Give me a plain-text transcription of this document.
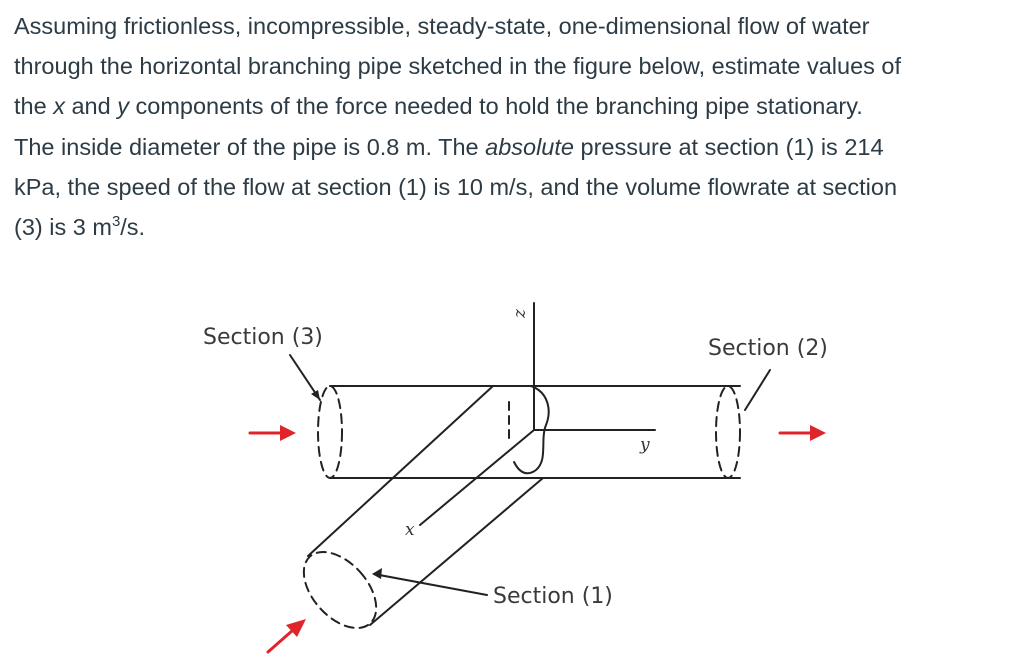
Assuming frictionless, incompressible, steady-state, one-dimensional flow of water
through the horizontal branching pipe sketched in the figure below, estimate values of
the x and y components of the force needed to hold the branching pipe stationary.
The inside diameter of the pipe is 0.8 m. The absolute pressure at section (1) is 214
kPa, the speed of the flow at section (1) is 10 m/s, and the volume flowrate at section
(3) is 3 $m^3/s$.
Section (3)	Section (2)
Section (1)
z
y
x
